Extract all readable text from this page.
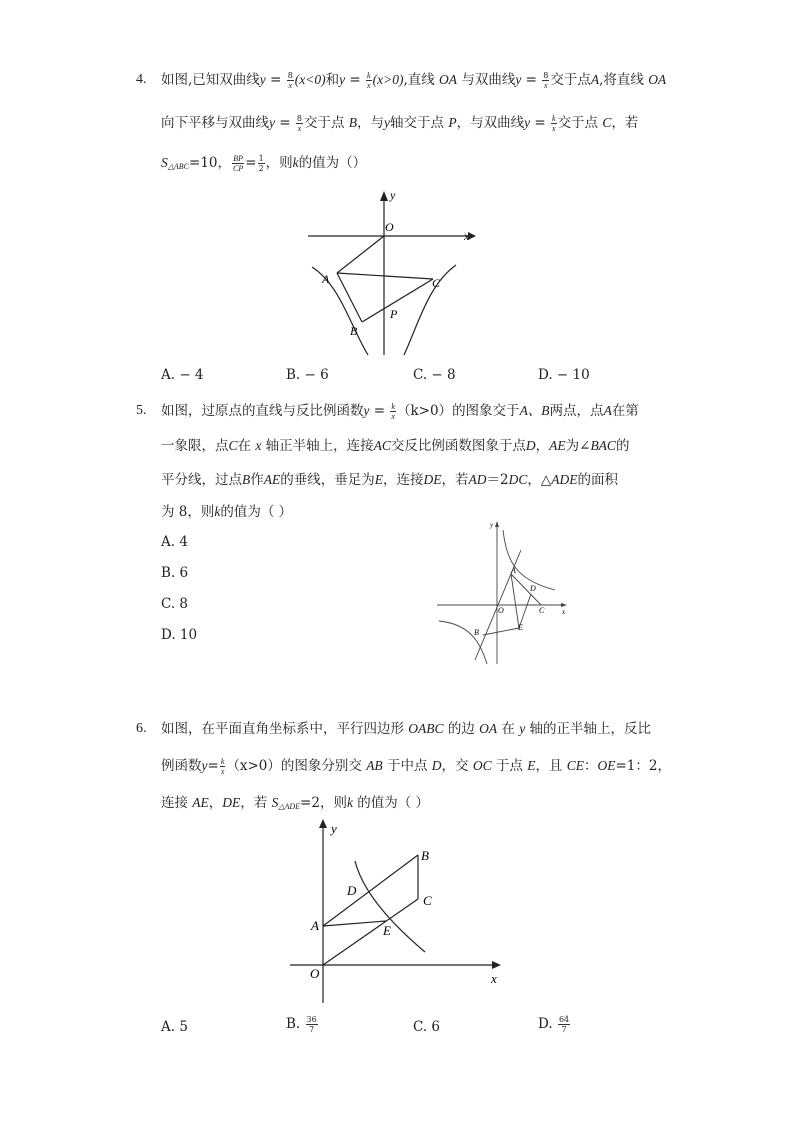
4. 如图,已知双曲线$y = \frac{8}{x} (x<0)$和$y = \frac{k}{x} (x>0)$,直线 OA 与双曲线$y = \frac{8}{x}$ 交于点A,将直线 OA
向下平移与双曲线$y = \frac{8}{x}$ 交于点 B，与y轴交于点 P，与双曲线$y = \frac{k}{x}$ 交于点 C，若
$S_{\triangle ABC}=10$， $\frac{BP}{CP} = \frac{1}{2}$ ，则k的值为（）
y
x
O
A
B
C
P
A. − 4	B. − 6	C. − 8	D. − 10
5. 如图，过原点的直线与反比例函数$y = \frac{k}{x} (k>0)$的图象交于A、B两点，点A在第
一象限，点C在 x 轴正半轴上，连接AC交反比例函数图象于点D，AE为∠BAC的
平分线，过点B作AE的垂线，垂足为E，连接DE，若AD＝2DC，△ADE的面积
为 8，则k的值为（ ）
A. 4
B. 6
C. 8
D. 10
y
x
O
A
B
C
D
E
6. 如图，在平面直角坐标系中，平行四边形 OABC 的边 OA 在 y 轴的正半轴上，反比
例函数$y= \frac{k}{x} (x>0)$的图象分别交 AB 于中点 D，交 OC 于点 E，且 CE：OE=1：2，
连接 AE，DE，若 $S_{\triangle ADE}=2$，则k 的值为（ ）
y
x
O
A
B
C
D
E
A. 5	B. $\frac{36}{7}$	C. 6	D. $\frac{64}{7}$
